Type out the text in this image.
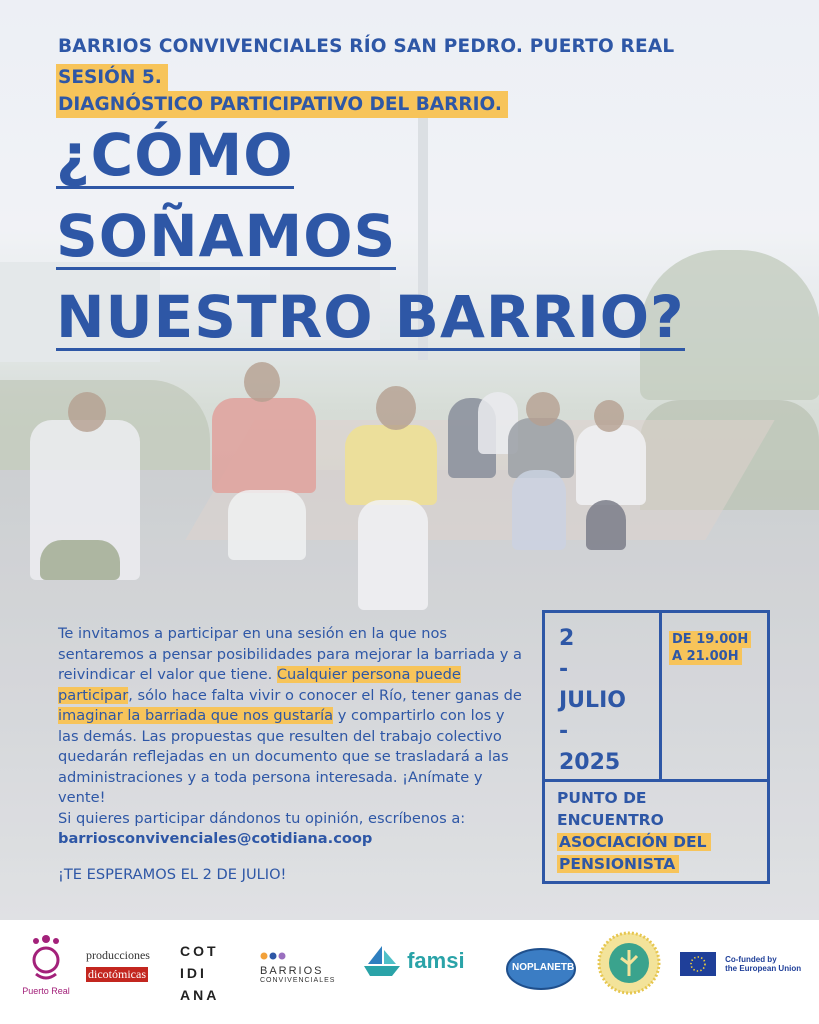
BARRIOS CONVIVENCIALES RÍO SAN PEDRO. PUERTO REAL
SESIÓN 5.
DIAGNÓSTICO PARTICIPATIVO DEL BARRIO.
¿CÓMO
SOÑAMOS
NUESTRO BARRIO?
Te invitamos a participar en una sesión en la que nos sentaremos a pensar posibilidades para mejorar la barriada y a reivindicar el valor que tiene. Cualquier persona puede participar, sólo hace falta vivir o conocer el Río, tener ganas de imaginar la barriada que nos gustaría y compartirlo con los y las demás. Las propuestas que resulten del trabajo colectivo quedarán reflejadas en un documento que se trasladará a las administraciones y a toda persona interesada. ¡Anímate y vente!
Si quieres participar dándonos tu opinión, escríbenos a:
barriosconvivenciales@cotidiana.coop
¡TE ESPERAMOS EL 2 DE JULIO!
2
-
JULIO
-
2025
DE 19.00H
A 21.00H
PUNTO DE
ENCUENTRO
ASOCIACIÓN DEL
PENSIONISTA
Puerto Real
producciones
dicotómicas
COT
IDI
ANA
BARRIOS
CONVIVENCIALES
famsi	NOPLANETB

Co-funded by
the European Union
